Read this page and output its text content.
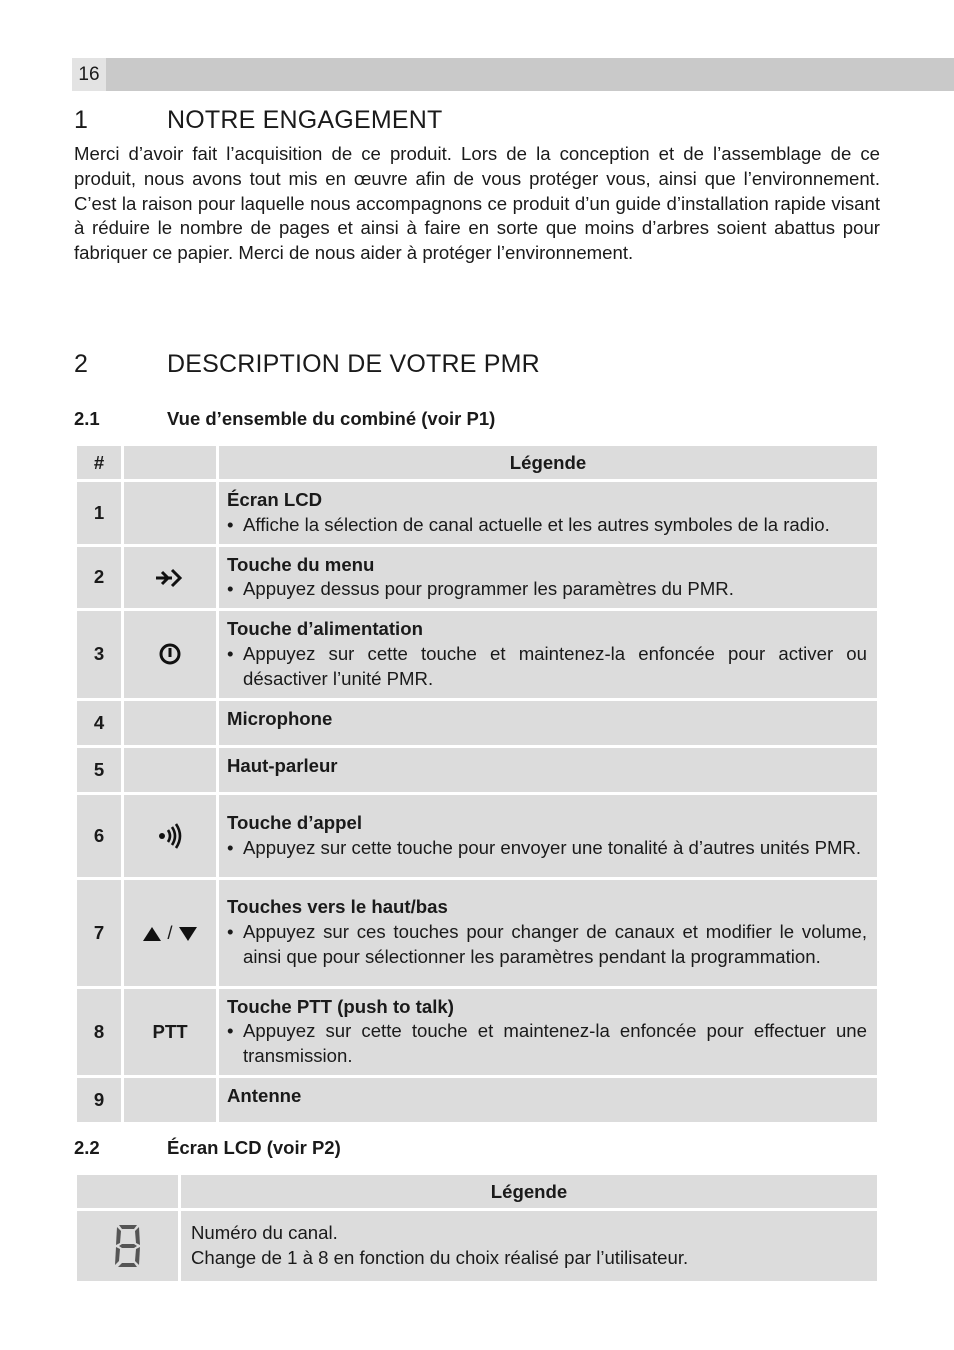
16
1	NOTRE ENGAGEMENT
Merci d’avoir fait l’acquisition de ce produit. Lors de la conception et de l’assemblage de ce produit, nous avons tout mis en œuvre afin de vous protéger vous, ainsi que l’environnement. C’est la raison pour laquelle nous accompagnons ce produit d’un guide d’installation rapide visant à réduire le nombre de pages et ainsi à faire en sorte que moins d’arbres soient abattus pour fabriquer ce papier. Merci de nous aider à protéger l’environnement.
2	DESCRIPTION DE VOTRE PMR
2.1	Vue d’ensemble du combiné (voir P1)
#		Légende
1		Écran LCD
• Affiche la sélection de canal actuelle et les autres symboles de la radio.

2		Touche du menu
• Appuyez dessus pour programmer les paramètres du PMR.

3		Touche d’alimentation
• Appuyez sur cette touche et maintenez-la enfoncée pour activer ou désactiver l’unité PMR.

4		Microphone

5		Haut-parleur

6		Touche d’appel
• Appuyez sur cette touche pour envoyer une tonalité à d’autres unités PMR.

7	/	Touches vers le haut/bas
• Appuyez sur ces touches pour changer de canaux et modifier le volume, ainsi que pour sélectionner les paramètres pendant la programmation.

8	PTT	Touche PTT (push to talk)
• Appuyez sur cette touche et maintenez-la enfoncée pour effectuer une transmission.

9		Antenne
2.2	Écran LCD (voir P2)
	Légende

Numéro du canal.
Change de 1 à 8 en fonction du choix réalisé par l’utilisateur.
